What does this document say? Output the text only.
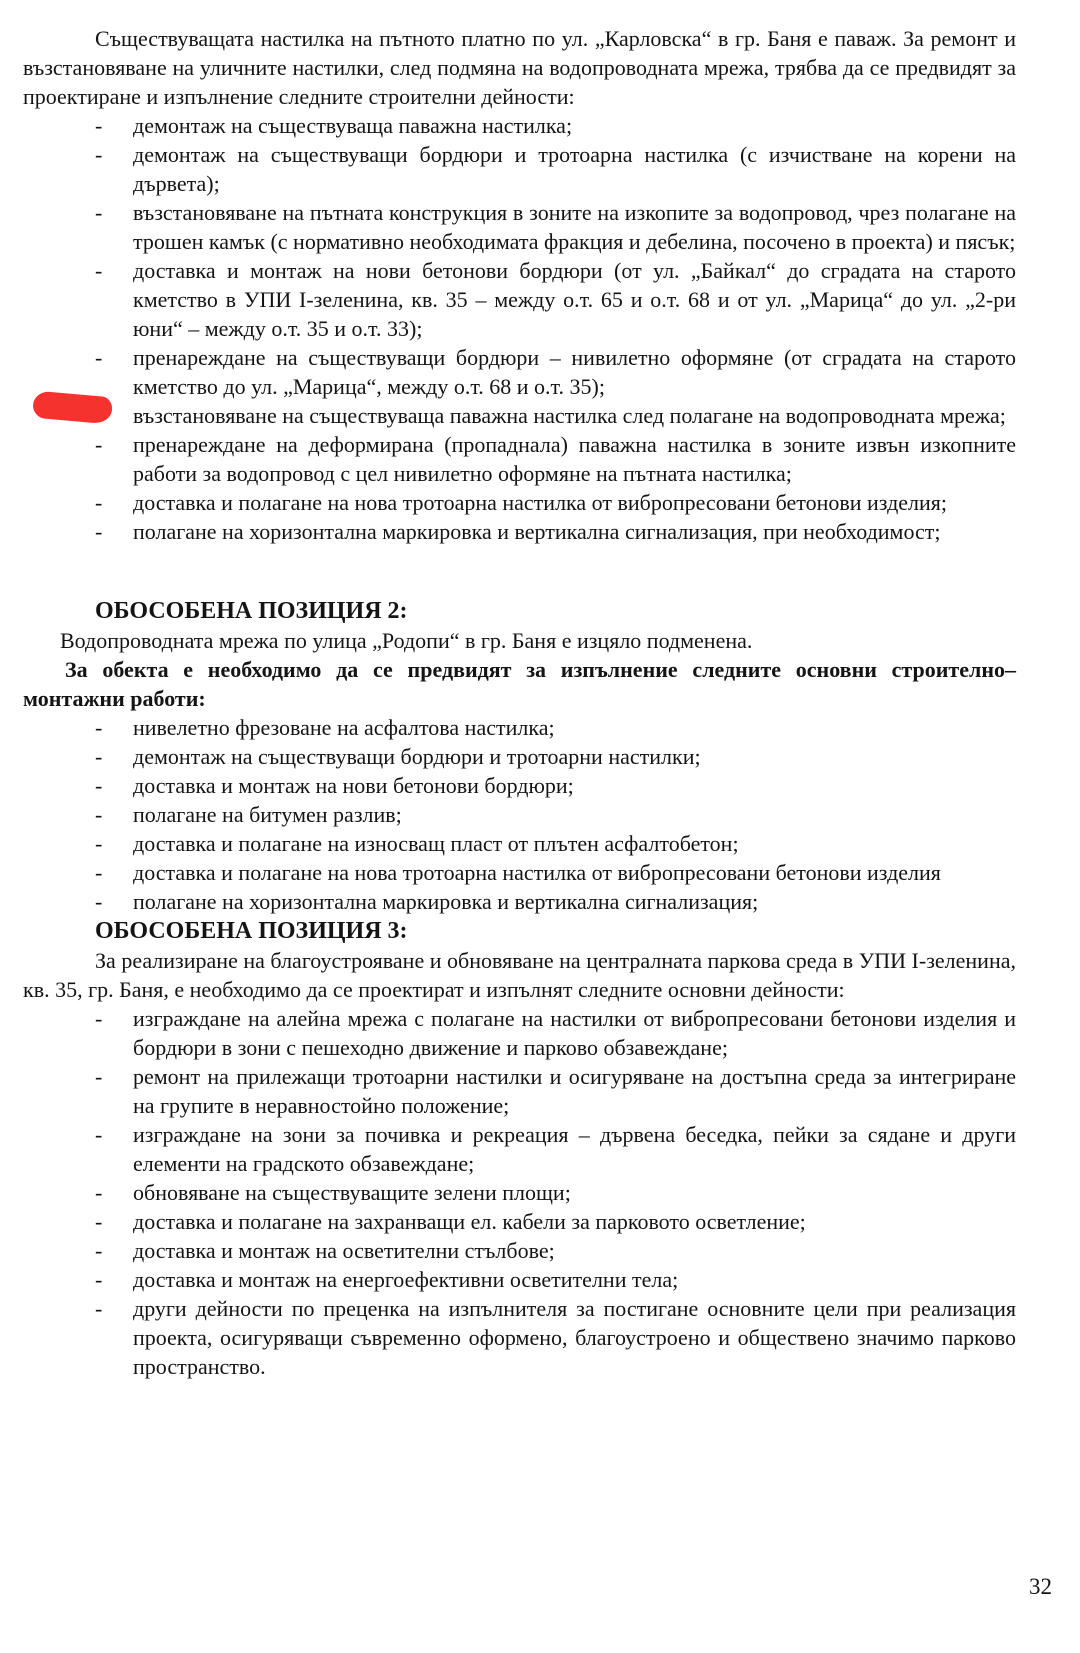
Съществуващата настилка на пътното платно по ул. „Карловска“ в гр. Баня е паваж. За ремонт и възстановяване на уличните настилки, след подмяна на водопроводната мрежа, трябва да се предвидят за проектиране и изпълнение следните строителни дейности:

- демонтаж на съществуваща паважна настилка;
- демонтаж на съществуващи бордюри и тротоарна настилка (с изчистване на корени на дървета);
- възстановяване на пътната конструкция в зоните на изкопите за водопровод, чрез полагане на трошен камък (с нормативно необходимата фракция и дебелина, посочено в проекта) и пясък;
- доставка и монтаж на нови бетонови бордюри (от ул. „Байкал“ до сградата на старото кметство в УПИ I-зеленина, кв. 35 – между о.т. 65 и о.т. 68 и от ул. „Марица“ до ул. „2-ри юни“ – между о.т. 35 и о.т. 33);
- пренареждане на съществуващи бордюри – нивилетно оформяне (от сградата на старото кметство до ул. „Марица“, между о.т. 68 и о.т. 35);
възстановяване на съществуваща паважна настилка след полагане на водопроводната мрежа;
- пренареждане на деформирана (пропаднала) паважна настилка в зоните извън изкопните работи за водопровод с цел нивилетно оформяне на пътната настилка;
- доставка и полагане на нова тротоарна настилка от вибропресовани бетонови изделия;
- полагане на хоризонтална маркировка и вертикална сигнализация, при необходимост;
ОБОСОБЕНА ПОЗИЦИЯ 2:

Водопроводната мрежа по улица „Родопи“ в гр. Баня е изцяло подменена.

За обекта е необходимо да се предвидят за изпълнение следните основни строително–монтажни работи:

- нивелетно фрезоване на асфалтова настилка;
- демонтаж на съществуващи бордюри и тротоарни настилки;
- доставка и монтаж на нови бетонови бордюри;
- полагане на битумен разлив;
- доставка и полагане на износващ пласт от плътен асфалтобетон;
- доставка и полагане на нова тротоарна настилка от вибропресовани бетонови изделия
- полагане на хоризонтална маркировка и вертикална сигнализация;
ОБОСОБЕНА ПОЗИЦИЯ 3:

За реализиране на благоустрояване и обновяване на централната паркова среда в УПИ I-зеленина, кв. 35, гр. Баня, е необходимо да се проектират и изпълнят следните основни дейности:

- изграждане на алейна мрежа с полагане на настилки от вибропресовани бетонови изделия и бордюри в зони с пешеходно движение и парково обзавеждане;
- ремонт на прилежащи тротоарни настилки и осигуряване на достъпна среда за интегриране на групите в неравностойно положение;
- изграждане на зони за почивка и рекреация – дървена беседка, пейки за сядане и други елементи на градското обзавеждане;
- обновяване на съществуващите зелени площи;
- доставка и полагане на захранващи ел. кабели за парковото осветление;
- доставка и монтаж на осветителни стълбове;
- доставка и монтаж на енергоефективни осветителни тела;
- други дейности по преценка на изпълнителя за постигане основните цели при реализация проекта, осигуряващи съвременно оформено, благоустроено и обществено значимо парково пространство.
32
